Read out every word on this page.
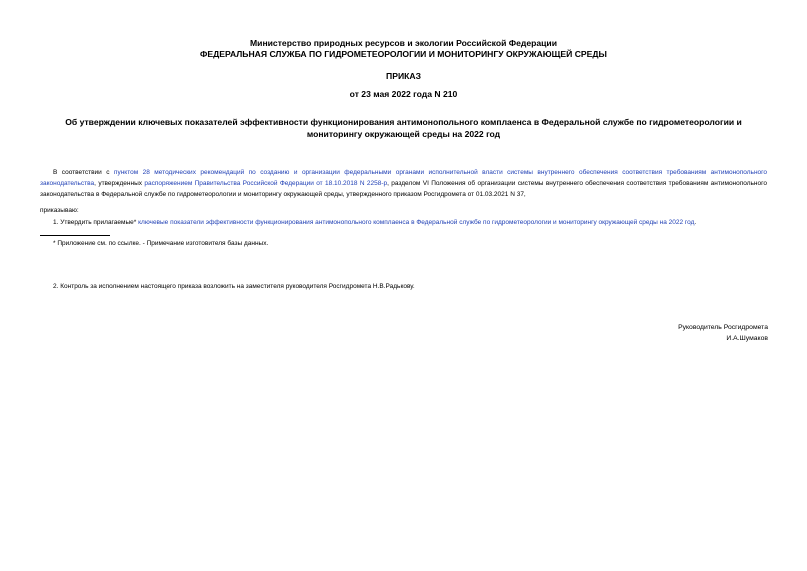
Министерство природных ресурсов и экологии Российской Федерации
ФЕДЕРАЛЬНАЯ СЛУЖБА ПО ГИДРОМЕТЕОРОЛОГИИ И МОНИТОРИНГУ ОКРУЖАЮЩЕЙ СРЕДЫ
ПРИКАЗ
от 23 мая 2022 года N 210
Об утверждении ключевых показателей эффективности функционирования антимонопольного комплаенса в Федеральной службе по гидрометеорологии и мониторингу окружающей среды на 2022 год
В соответствии с пунктом 28 методических рекомендаций по созданию и организации федеральными органами исполнительной власти системы внутреннего обеспечения соответствия требованиям антимонопольного законодательства, утвержденных распоряжением Правительства Российской Федерации от 18.10.2018 N 2258-р, разделом VI Положения об организации системы внутреннего обеспечения соответствия требованиям антимонопольного законодательства в Федеральной службе по гидрометеорологии и мониторингу окружающей среды, утвержденного приказом Росгидромета от 01.03.2021 N 37,
приказываю:
1. Утвердить прилагаемые* ключевые показатели эффективности функционирования антимонопольного комплаенса в Федеральной службе по гидрометеорологии и мониторингу окружающей среды на 2022 год.
* Приложение см. по ссылке. - Примечание изготовителя базы данных.
2. Контроль за исполнением настоящего приказа возложить на заместителя руководителя Росгидромета Н.В.Радькову.
Руководитель Росгидромета
И.А.Шумаков
